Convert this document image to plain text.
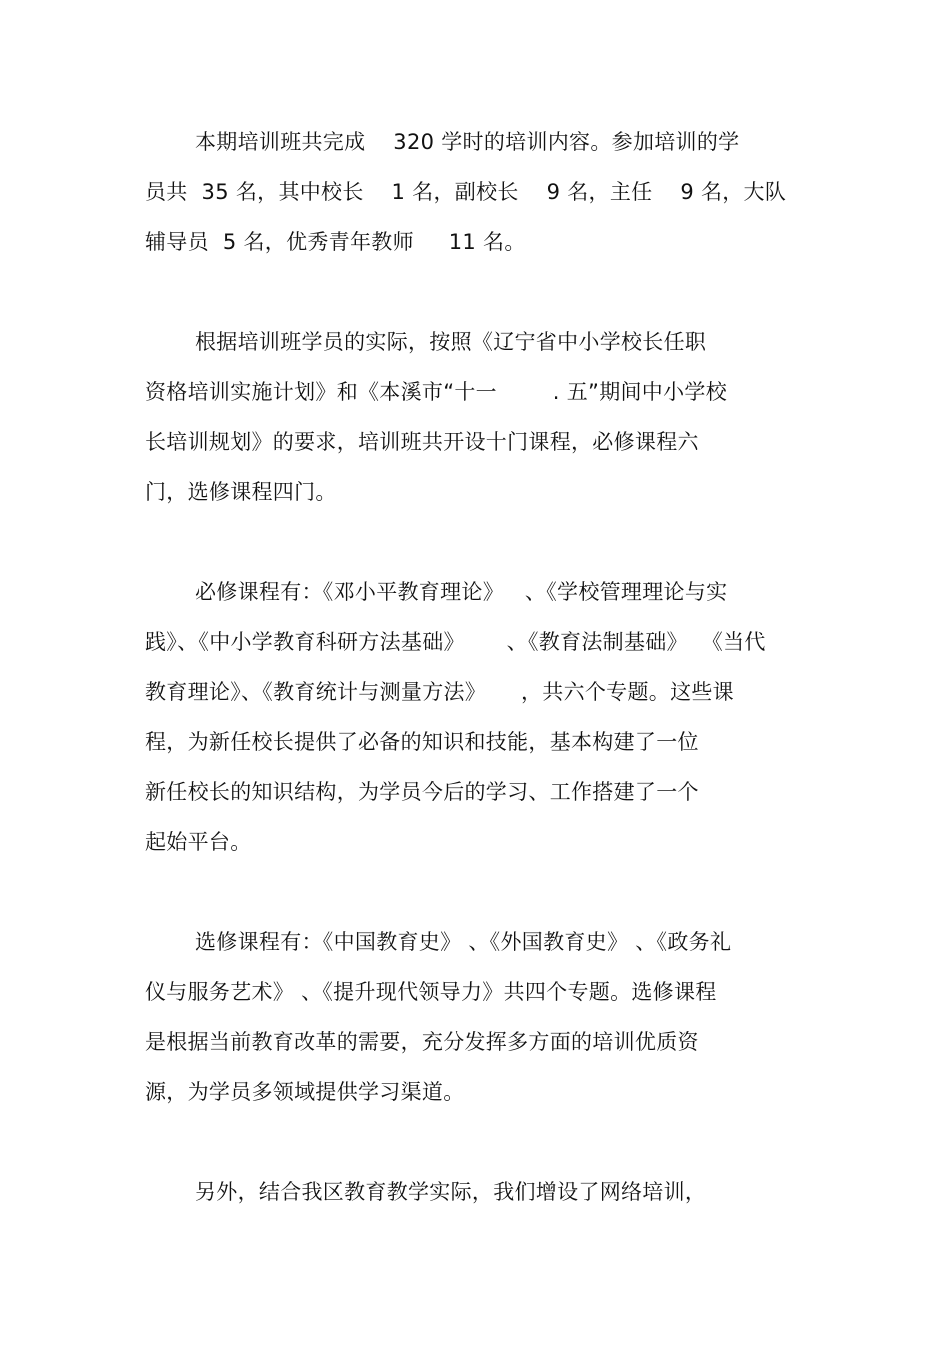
本期培训班共完成    320 学时的培训内容。参加培训的学
员共  35 名，其中校长    1 名，副校长    9 名，主任    9 名，大队
辅导员  5 名，优秀青年教师     11 名。
根据培训班学员的实际，按照《辽宁省中小学校长任职
资格培训实施计划》和《本溪市“十一        . 五”期间中小学校
长培训规划》的要求，培训班共开设十门课程，必修课程六
门，选修课程四门。
必修课程有：《邓小平教育理论》   、《学校管理理论与实
践》、《中小学教育科研方法基础》      、《教育法制基础》  《当代
教育理论》、《教育统计与测量方法》     ，共六个专题。这些课
程，为新任校长提供了必备的知识和技能，基本构建了一位
新任校长的知识结构，为学员今后的学习、工作搭建了一个
起始平台。
选修课程有：《中国教育史》 、《外国教育史》 、《政务礼
仪与服务艺术》 、《提升现代领导力》共四个专题。选修课程
是根据当前教育改革的需要，充分发挥多方面的培训优质资
源，为学员多领域提供学习渠道。
另外，结合我区教育教学实际，我们增设了网络培训，
